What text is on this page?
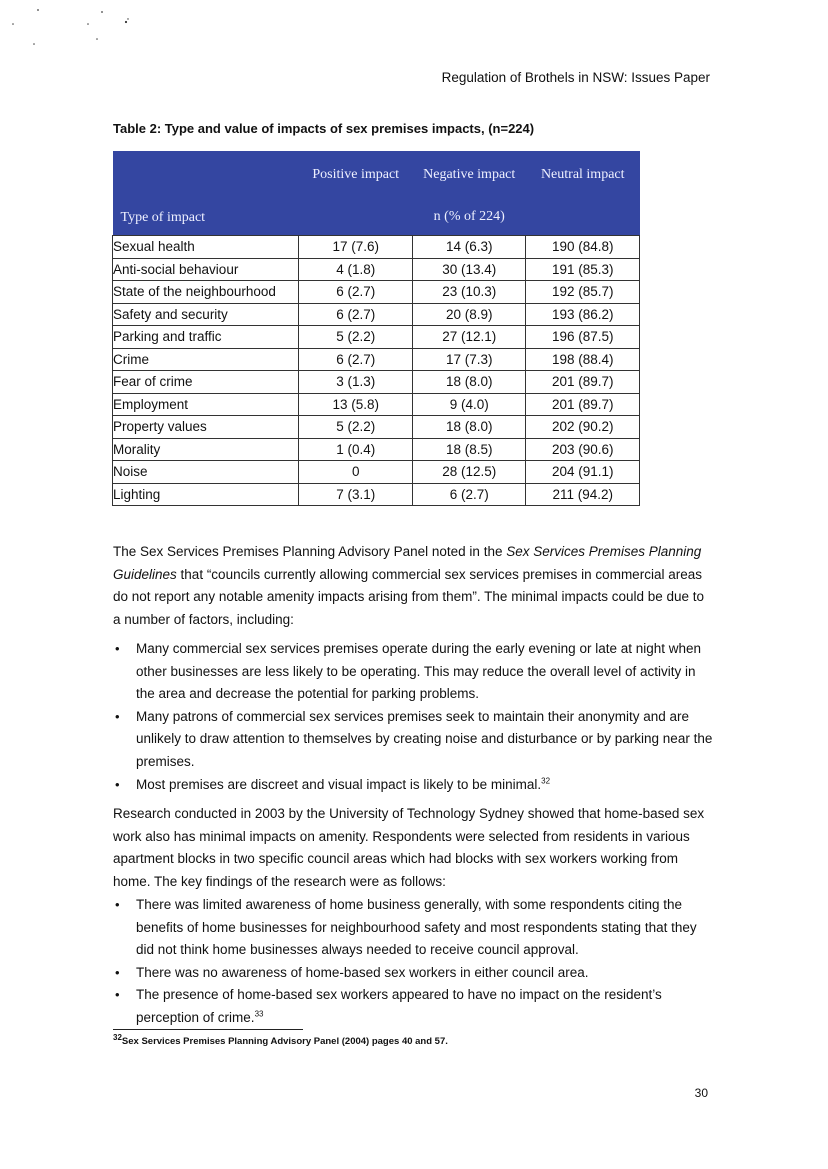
Regulation of Brothels in NSW: Issues Paper
Table 2: Type and value of impacts of sex premises impacts, (n=224)
Type of impact	Positive impact	Negative impact	Neutral impact
	n (% of 224)		
Sexual health	17 (7.6)	14 (6.3)	190 (84.8)
Anti-social behaviour	4 (1.8)	30 (13.4)	191 (85.3)
State of the neighbourhood	6 (2.7)	23 (10.3)	192 (85.7)
Safety and security	6 (2.7)	20 (8.9)	193 (86.2)
Parking and traffic	5 (2.2)	27 (12.1)	196 (87.5)
Crime	6 (2.7)	17 (7.3)	198 (88.4)
Fear of crime	3 (1.3)	18 (8.0)	201 (89.7)
Employment	13 (5.8)	9 (4.0)	201 (89.7)
Property values	5 (2.2)	18 (8.0)	202 (90.2)
Morality	1 (0.4)	18 (8.5)	203 (90.6)
Noise	0	28 (12.5)	204 (91.1)
Lighting	7 (3.1)	6 (2.7)	211 (94.2)

The Sex Services Premises Planning Advisory Panel noted in the Sex Services Premises Planning Guidelines that “councils currently allowing commercial sex services premises in commercial areas do not report any notable amenity impacts arising from them”. The minimal impacts could be due to a number of factors, including:

• Many commercial sex services premises operate during the early evening or late at night when other businesses are less likely to be operating. This may reduce the overall level of activity in the area and decrease the potential for parking problems.
• Many patrons of commercial sex services premises seek to maintain their anonymity and are unlikely to draw attention to themselves by creating noise and disturbance or by parking near the premises.
• Most premises are discreet and visual impact is likely to be minimal.$^{32}$

Research conducted in 2003 by the University of Technology Sydney showed that home-based sex work also has minimal impacts on amenity. Respondents were selected from residents in various apartment blocks in two specific council areas which had blocks with sex workers working from home. The key findings of the research were as follows:

• There was limited awareness of home business generally, with some respondents citing the benefits of home businesses for neighbourhood safety and most respondents stating that they did not think home businesses always needed to receive council approval.
• There was no awareness of home-based sex workers in either council area.
• The presence of home-based sex workers appeared to have no impact on the resident’s perception of crime.$^{33}$
$^{32}$Sex Services Premises Planning Advisory Panel (2004) pages 40 and 57.
30
